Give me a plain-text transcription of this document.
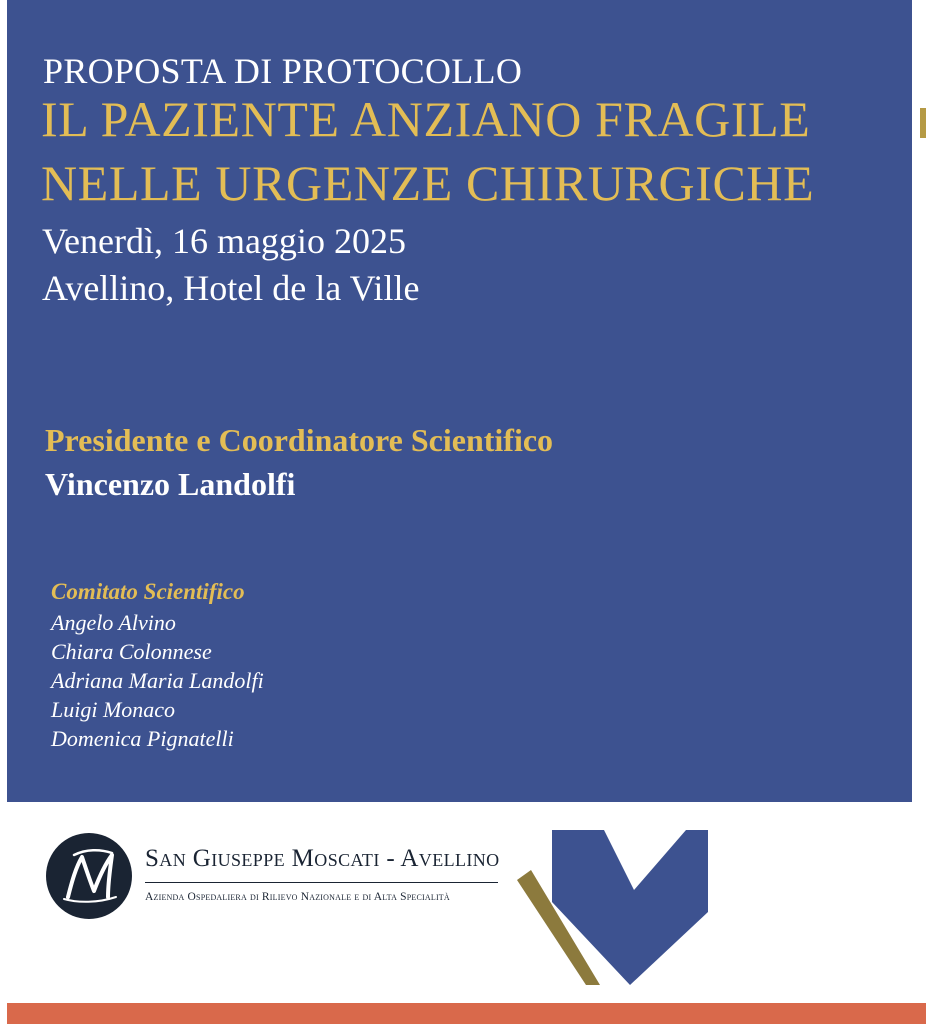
PROPOSTA DI PROTOCOLLO

IL PAZIENTE ANZIANO FRAGILE
NELLE URGENZE CHIRURGICHE

Venerdì, 16 maggio 2025

Avellino, Hotel de la Ville

Presidente e Coordinatore Scientifico

Vincenzo Landolfi

Comitato Scientifico

Angelo Alvino
Chiara Colonnese
Adriana Maria Landolfi
Luigi Monaco
Domenica Pignatelli

San Giuseppe Moscati - Avellino

Azienda Ospedaliera di Rilievo Nazionale e di Alta Specialità
